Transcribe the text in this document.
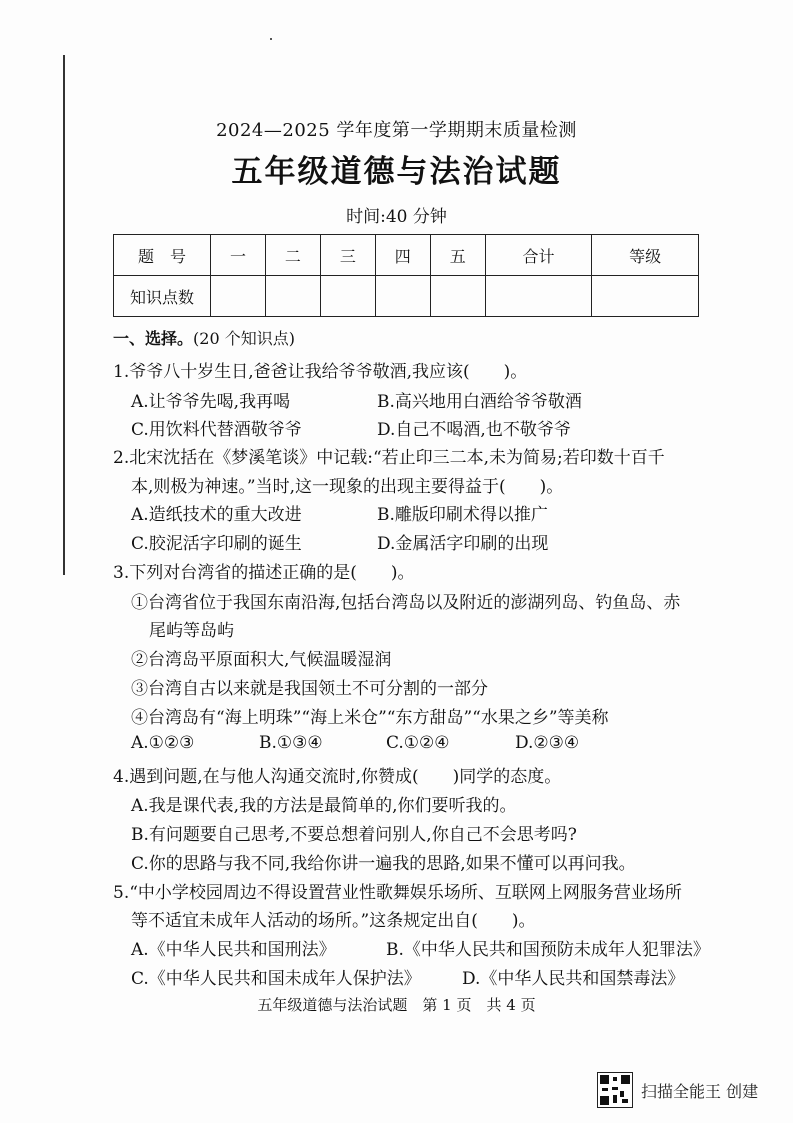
2024—2025 学年度第一学期期末质量检测
五年级道德与法治试题
时间:40 分钟
题　号	一	二	三	四	五	合计	等级
知识点数							
一、选择。(20 个知识点)
1.爷爷八十岁生日,爸爸让我给爷爷敬酒,我应该(　　)。
A.让爷爷先喝,我再喝	B.高兴地用白酒给爷爷敬酒
C.用饮料代替酒敬爷爷	D.自己不喝酒,也不敬爷爷
2.北宋沈括在《梦溪笔谈》中记载:“若止印三二本,未为简易;若印数十百千
本,则极为神速。”当时,这一现象的出现主要得益于(　　)。
A.造纸技术的重大改进	B.雕版印刷术得以推广
C.胶泥活字印刷的诞生	D.金属活字印刷的出现
3.下列对台湾省的描述正确的是(　　)。
①台湾省位于我国东南沿海,包括台湾岛以及附近的澎湖列岛、钓鱼岛、赤
尾屿等岛屿
②台湾岛平原面积大,气候温暖湿润
③台湾自古以来就是我国领土不可分割的一部分
④台湾岛有“海上明珠”“海上米仓”“东方甜岛”“水果之乡”等美称
A.①②③	B.①③④	C.①②④	D.②③④
4.遇到问题,在与他人沟通交流时,你赞成(　　)同学的态度。
A.我是课代表,我的方法是最简单的,你们要听我的。
B.有问题要自己思考,不要总想着问别人,你自己不会思考吗?
C.你的思路与我不同,我给你讲一遍我的思路,如果不懂可以再问我。
5.“中小学校园周边不得设置营业性歌舞娱乐场所、互联网上网服务营业场所
等不适宜未成年人活动的场所。”这条规定出自(　　)。
A.《中华人民共和国刑法》	B.《中华人民共和国预防未成年人犯罪法》
C.《中华人民共和国未成年人保护法》 D.《中华人民共和国禁毒法》
五年级道德与法治试题　第 1 页　共 4 页
扫描全能王 创建
